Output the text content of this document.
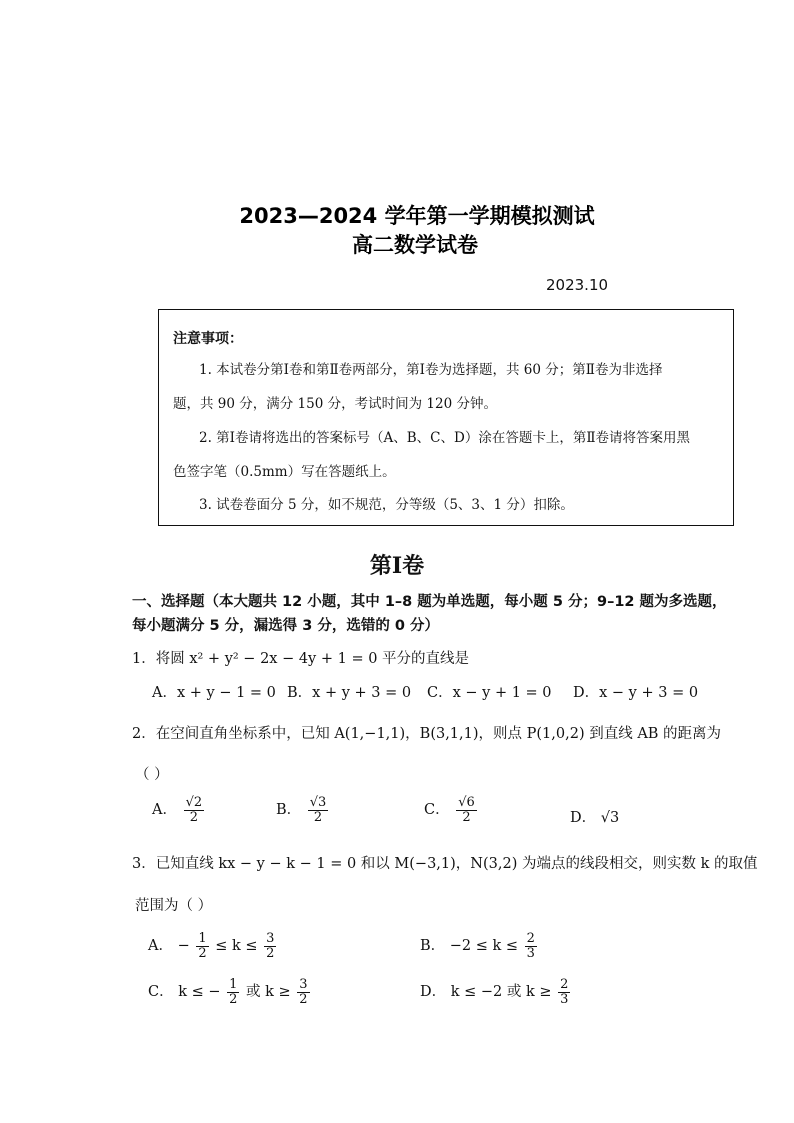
2023—2024 学年第一学期模拟测试
高二数学试卷
2023.10
注意事项：
1. 本试卷分第Ⅰ卷和第Ⅱ卷两部分，第Ⅰ卷为选择题，共 60 分；第Ⅱ卷为非选择
题，共 90 分，满分 150 分，考试时间为 120 分钟。
2. 第Ⅰ卷请将选出的答案标号（A、B、C、D）涂在答题卡上，第Ⅱ卷请将答案用黑
色签字笔（0.5mm）写在答题纸上。
3. 试卷卷面分 5 分，如不规范，分等级（5、3、1 分）扣除。
第Ⅰ卷
一、选择题（本大题共 12 小题，其中 1–8 题为单选题，每小题 5 分；9–12 题为多选题，
每小题满分 5 分，漏选得 3 分，选错的 0 分）
1．将圆 x² + y² − 2x − 4y + 1 = 0 平分的直线是
A．x + y − 1 = 0 B．x + y + 3 = 0 C．x − y + 1 = 0 D．x − y + 3 = 0
2．在空间直角坐标系中，已知 A(1,−1,1)，B(3,1,1)，则点 P(1,0,2) 到直线 AB 的距离为
（ ）
A． $\frac{√2}{2}$	B． $\frac{√3}{2}$	C． $\frac{√6}{2}$	D． √3
3．已知直线 kx − y − k − 1 = 0 和以 M(−3,1)，N(3,2) 为端点的线段相交，则实数 k 的取值
范围为（ ）
A． − $\frac{1}{2} \le k \le \frac{3}{2}$	B． $-2 \le k \le \frac{2}{3}$
C． k ≤ − $\frac{1}{2}$ 或 $k \ge \frac{3}{2}$	D． k ≤ −2 或 $k \ge \frac{2}{3}$
